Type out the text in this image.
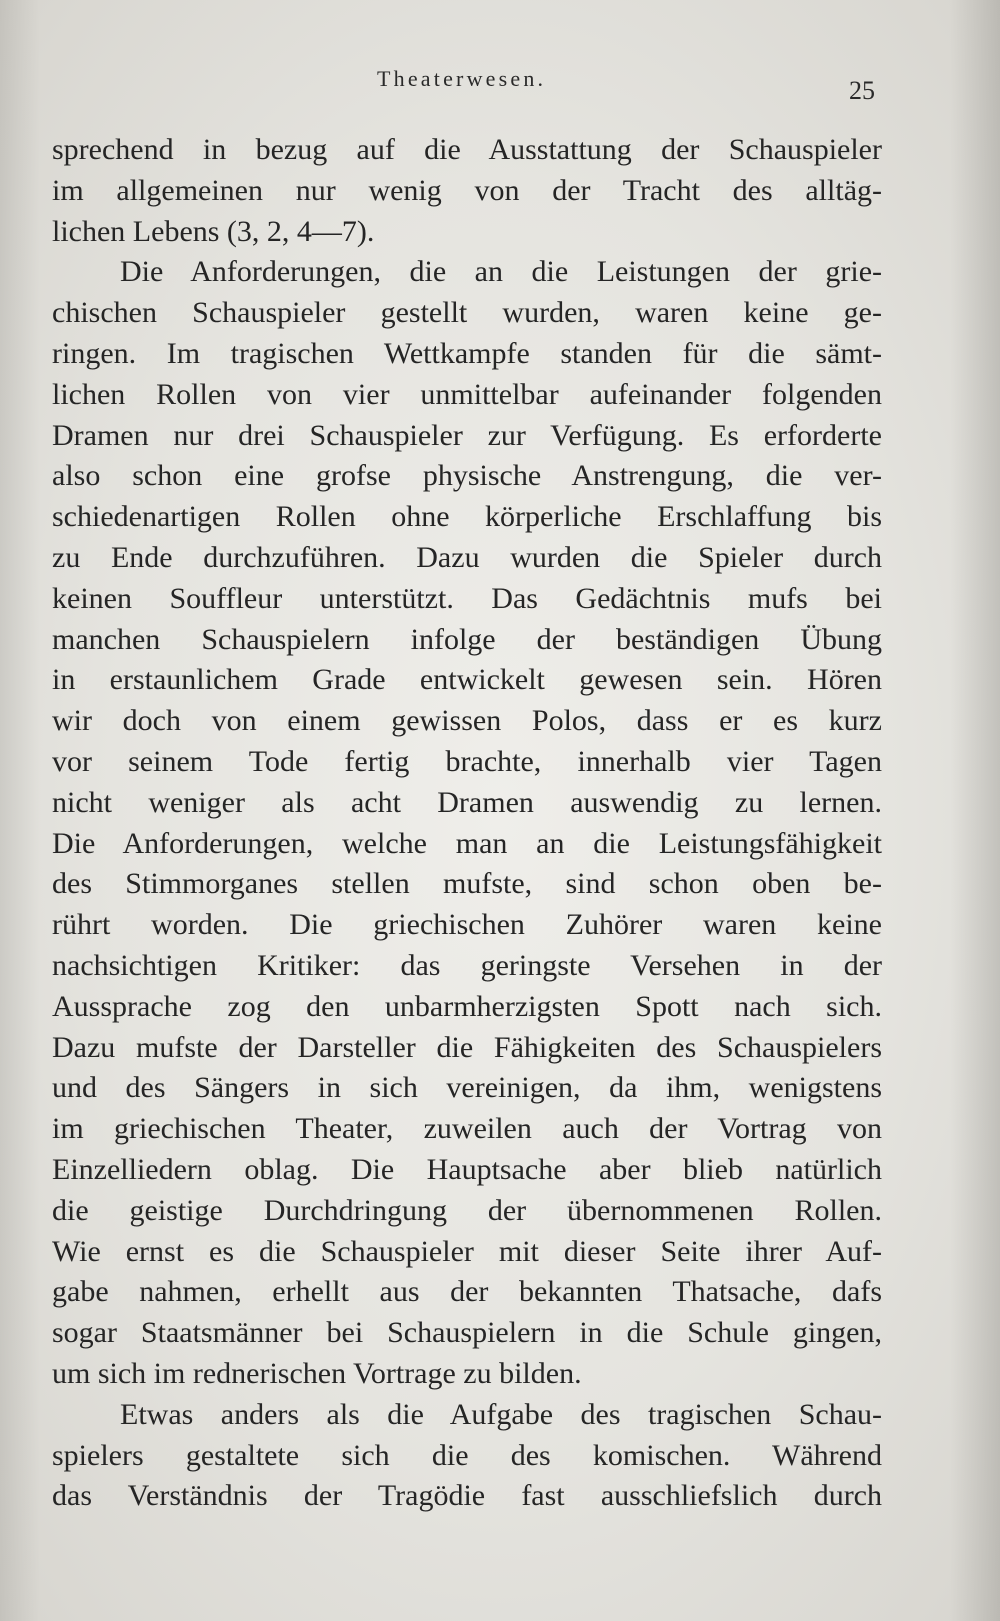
Theaterwesen.	25
sprechend in bezug auf die Ausstattung der Schauspieler
im allgemeinen nur wenig von der Tracht des alltäg-
lichen Lebens (3, 2, 4—7).
Die Anforderungen, die an die Leistungen der grie-
chischen Schauspieler gestellt wurden, waren keine ge-
ringen. Im tragischen Wettkampfe standen für die sämt-
lichen Rollen von vier unmittelbar aufeinander folgenden
Dramen nur drei Schauspieler zur Verfügung. Es erforderte
also schon eine grofse physische Anstrengung, die ver-
schiedenartigen Rollen ohne körperliche Erschlaffung bis
zu Ende durchzuführen. Dazu wurden die Spieler durch
keinen Souffleur unterstützt. Das Gedächtnis mufs bei
manchen Schauspielern infolge der beständigen Übung
in erstaunlichem Grade entwickelt gewesen sein. Hören
wir doch von einem gewissen Polos, dass er es kurz
vor seinem Tode fertig brachte, innerhalb vier Tagen
nicht weniger als acht Dramen auswendig zu lernen.
Die Anforderungen, welche man an die Leistungsfähigkeit
des Stimmorganes stellen mufste, sind schon oben be-
rührt worden. Die griechischen Zuhörer waren keine
nachsichtigen Kritiker: das geringste Versehen in der
Aussprache zog den unbarmherzigsten Spott nach sich.
Dazu mufste der Darsteller die Fähigkeiten des Schauspielers
und des Sängers in sich vereinigen, da ihm, wenigstens
im griechischen Theater, zuweilen auch der Vortrag von
Einzelliedern oblag. Die Hauptsache aber blieb natürlich
die geistige Durchdringung der übernommenen Rollen.
Wie ernst es die Schauspieler mit dieser Seite ihrer Auf-
gabe nahmen, erhellt aus der bekannten Thatsache, dafs
sogar Staatsmänner bei Schauspielern in die Schule gingen,
um sich im rednerischen Vortrage zu bilden.
Etwas anders als die Aufgabe des tragischen Schau-
spielers gestaltete sich die des komischen. Während
das Verständnis der Tragödie fast ausschliefslich durch
